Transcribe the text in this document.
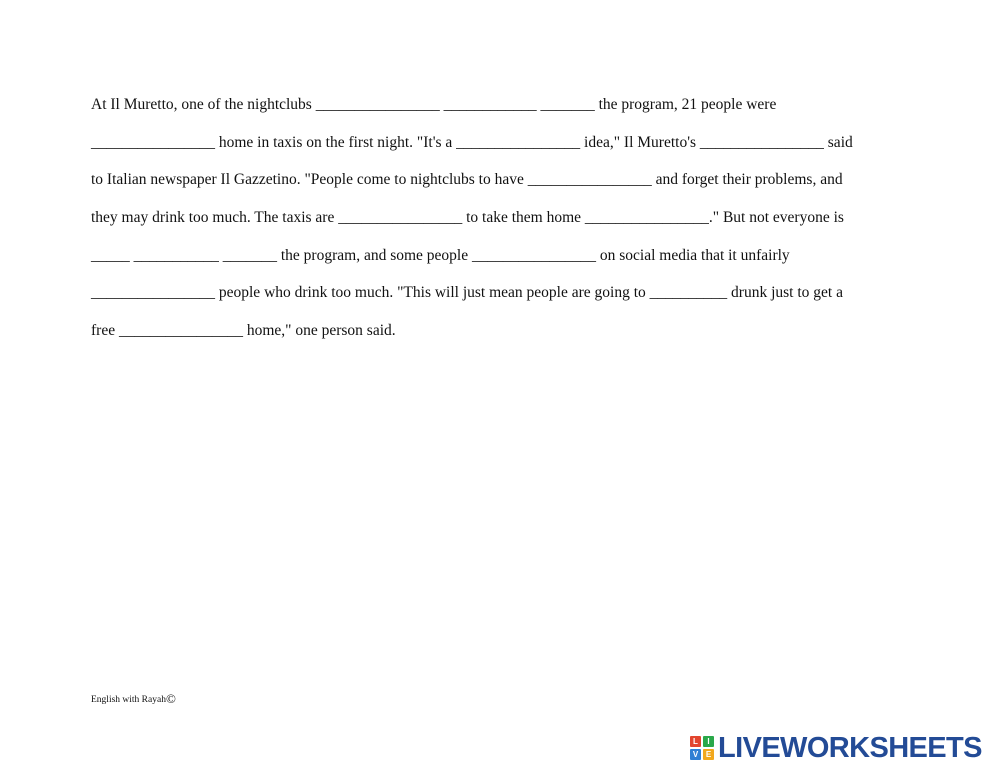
At Il Muretto, one of the nightclubs ________________ ____________ _______ the program, 21 people were

________________ home in taxis on the first night. "It's a ________________ idea," Il Muretto's ________________ said

to Italian newspaper Il Gazzetino. "People come to nightclubs to have ________________ and forget their problems, and

they may drink too much. The taxis are ________________ to take them home ________________." But not everyone is

_____ ___________ _______ the program, and some people ________________ on social media that it unfairly

________________ people who drink too much. "This will just mean people are going to __________ drunk just to get a

free ________________ home," one person said.

English with Rayah©
L	I
V E LIVEWORKSHEETS
